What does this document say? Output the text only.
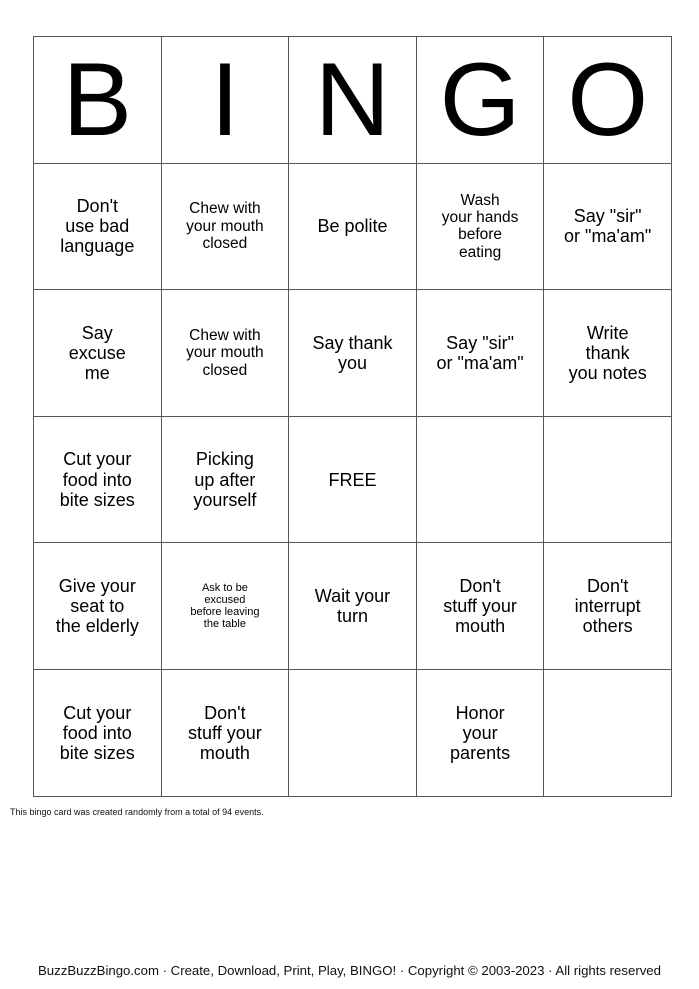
B	I	N	G	O

Don't
use bad
language	Chew with
your mouth
closed	Be polite	Wash
your hands
before
eating	Say "sir"
or "ma'am"

Say
excuse
me	Chew with
your mouth
closed	Say thank
you	Say "sir"
or "ma'am"	Write
thank
you notes

Cut your
food into
bite sizes	Picking
up after
yourself	FREE		

Give your
seat to
the elderly	Ask to be
excused
before leaving
the table	Wait your
turn	Don't
stuff your
mouth	Don't
interrupt
others

Cut your
food into
bite sizes	Don't
stuff your
mouth		Honor
your
parents	

This bingo card was created randomly from a total of 94 events.
BuzzBuzzBingo.com · Create, Download, Print, Play, BINGO! · Copyright © 2003-2023 · All rights reserved
